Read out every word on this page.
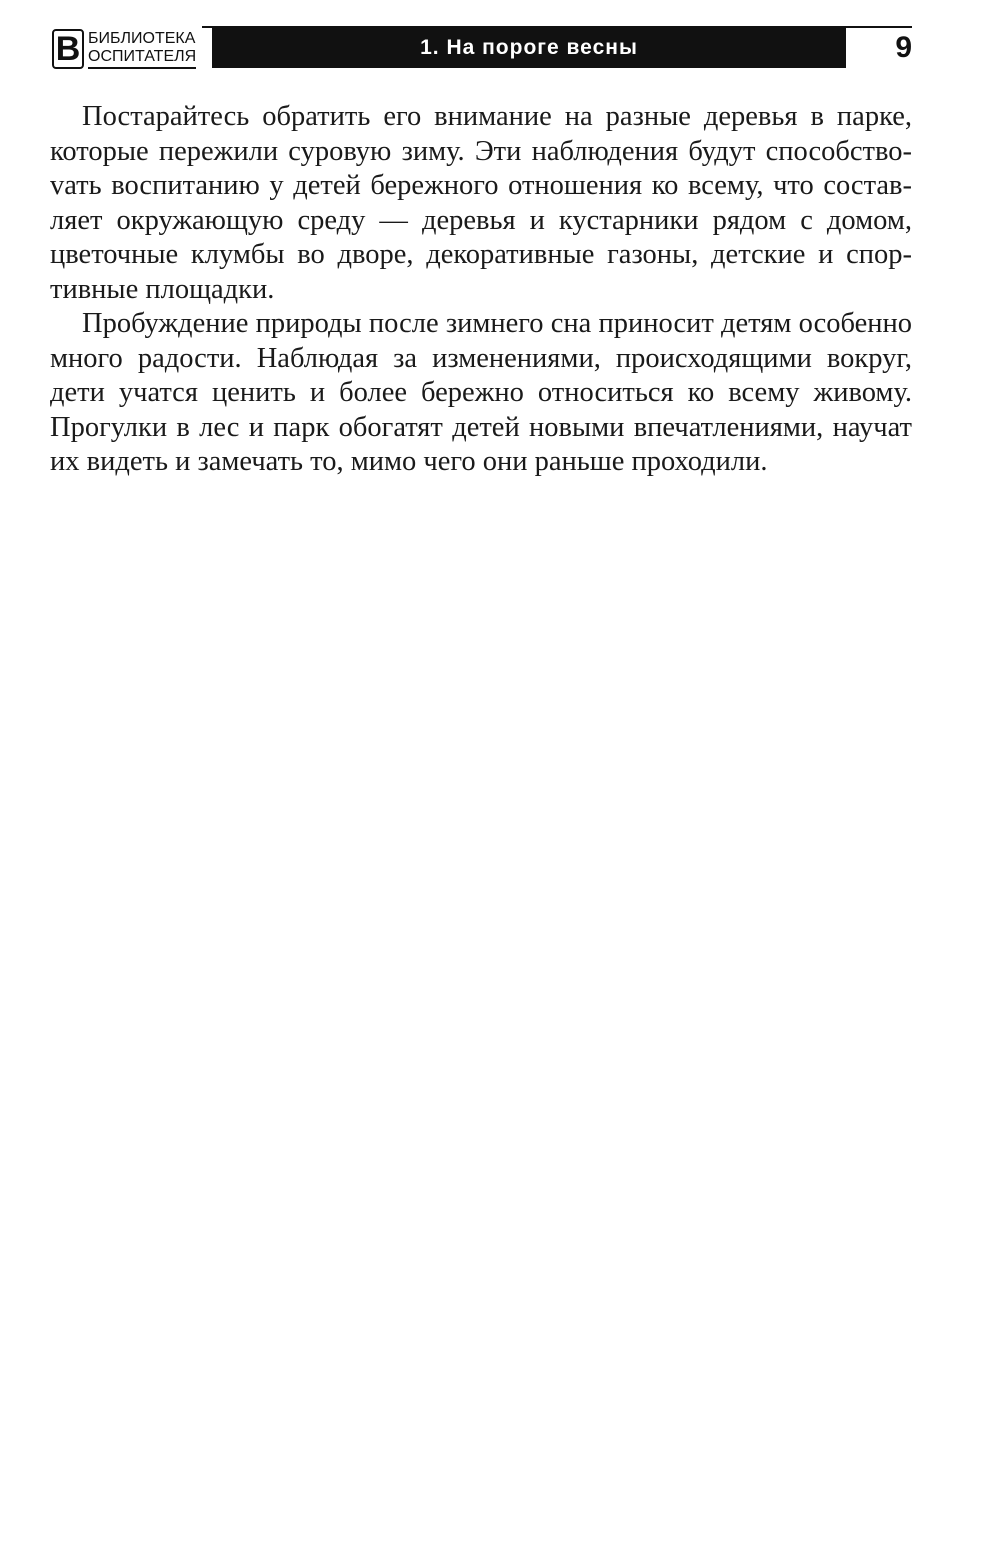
В БИБЛИОТЕКА
ОСПИТАТЕЛЯ	1. На пороге весны	9

Постарайтесь обратить его внимание на разные деревья в парке, которые пережили суровую зиму. Эти наблюдения будут способствоvать воспитанию у детей бережного отношения ко всему, что составляет окружающую среду — деревья и кустарники рядом с домом, цветочные клумбы во дворе, декоративные газоны, детские и спортивные площадки.

Пробуждение природы после зимнего сна приносит детям особенно много радости. Наблюдая за изменениями, происходящими вокруг, дети учатся ценить и более бережно относиться ко всему живому. Прогулки в лес и парк обогатят детей новыми впечатлениями, научат их видеть и замечать то, мимо чего они раньше проходили.
